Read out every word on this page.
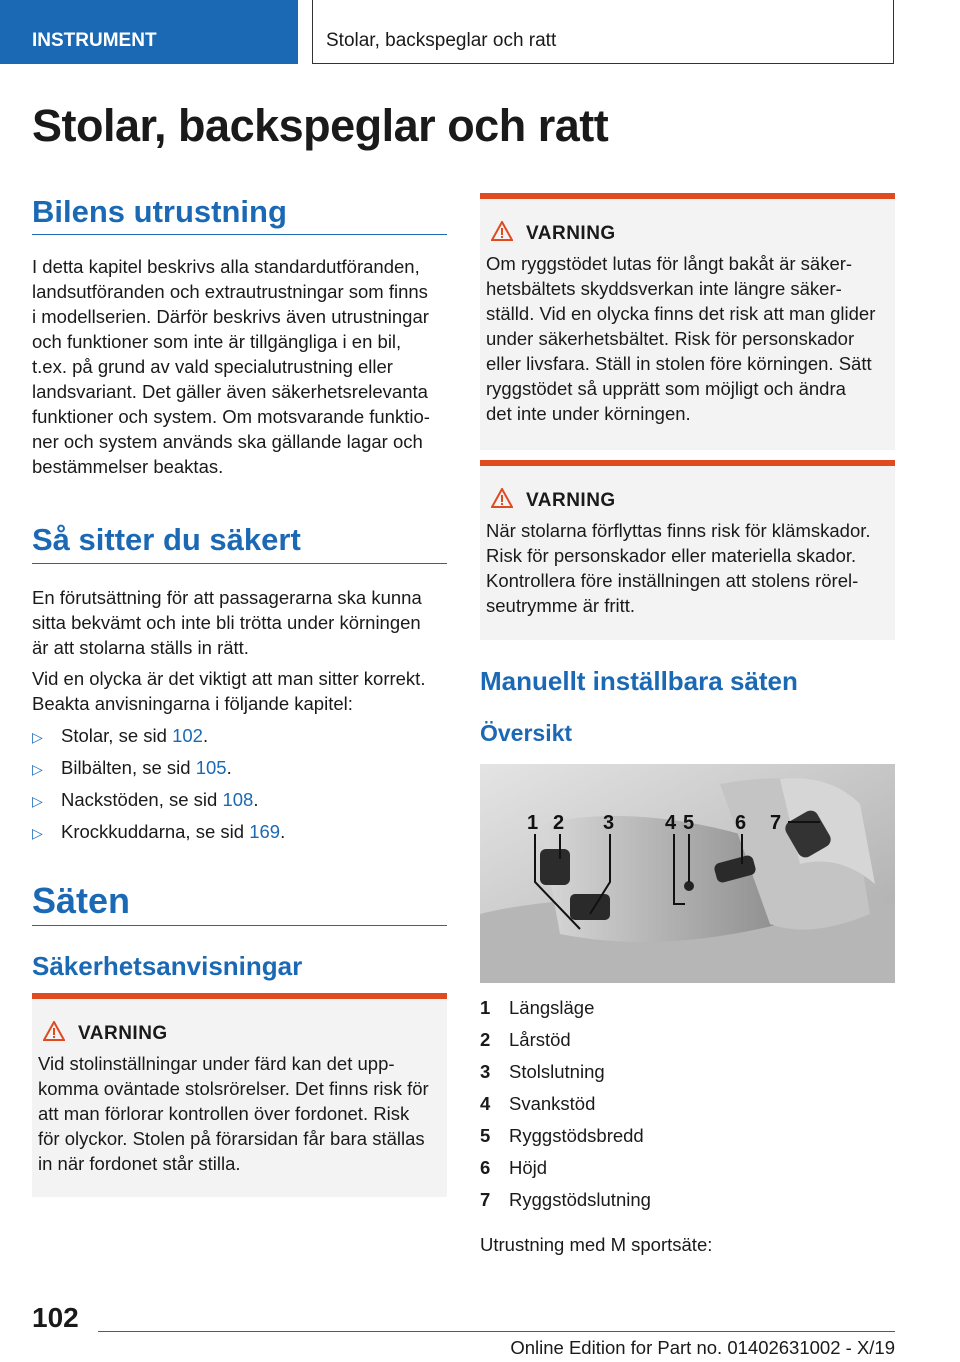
INSTRUMENT	Stolar, backspeglar och ratt
Stolar, backspeglar och ratt
Bilens utrustning

I detta kapitel beskrivs alla standardutföranden,

landsutföranden och extrautrustningar som finns

i modellserien. Därför beskrivs även utrustningar

och funktioner som inte är tillgängliga i en bil,

t.ex. på grund av vald specialutrustning eller

landsvariant. Det gäller även säkerhetsrelevanta

funktioner och system. Om motsvarande funktio-

ner och system används ska gällande lagar och

bestämmelser beaktas.

Så sitter du säkert

En förutsättning för att passagerarna ska kunna

sitta bekvämt och inte bli trötta under körningen

är att stolarna ställs in rätt.

Vid en olycka är det viktigt att man sitter korrekt.

Beakta anvisningarna i följande kapitel:

▷ Stolar, se sid 102.
▷ Bilbälten, se sid 105.
▷ Nackstöden, se sid 108.
▷ Krockkuddarna, se sid 169.
Säten
Säkerhetsanvisningar
VARNING

Vid stolinställningar under färd kan det upp-

komma oväntade stolsrörelser. Det finns risk för

att man förlorar kontrollen över fordonet. Risk

för olyckor. Stolen på förarsidan får bara ställas

in när fordonet står stilla.

VARNING

Om ryggstödet lutas för långt bakåt är säker-

hetsbältets skyddsverkan inte längre säker-

ställd. Vid en olycka finns det risk att man glider

under säkerhetsbältet. Risk för personskador

eller livsfara. Ställ in stolen före körningen. Sätt

ryggstödet så upprätt som möjligt och ändra

det inte under körningen.

VARNING

När stolarna förflyttas finns risk för klämskador.

Risk för personskador eller materiella skador.

Kontrollera före inställningen att stolens rörel-

seutrymme är fritt.

Manuellt inställbara säten
Översikt
1 2 3	4 5 6 7
1 Längsläge
2 Lårstöd
3 Stolslutning
4 Svankstöd
5 Ryggstödsbredd
6 Höjd
7 Ryggstödslutning

Utrustning med M sportsäte:

102
Online Edition for Part no. 01402631002 - X/19
